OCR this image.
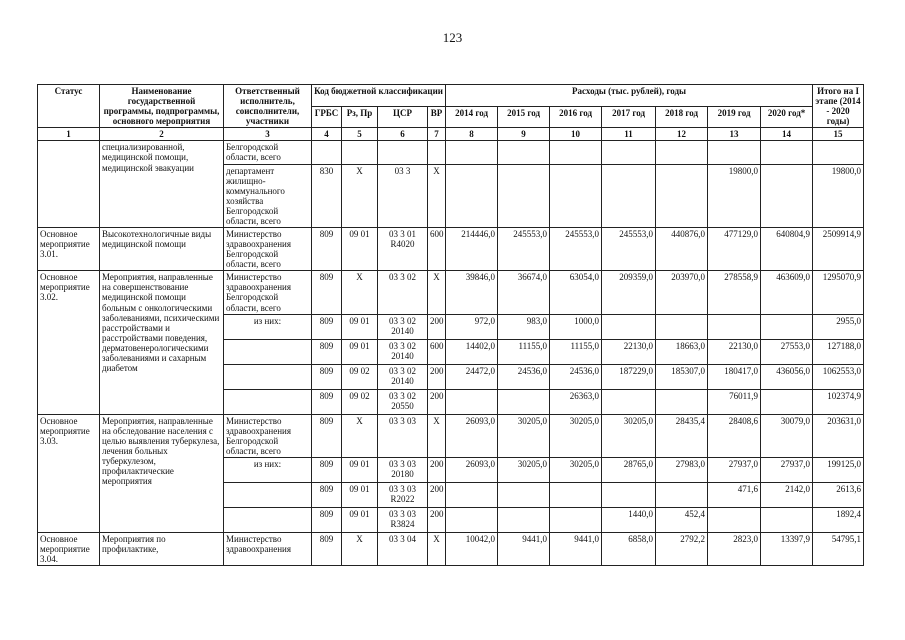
123
Статус	Наименование государственной программы, подпрограммы, основного мероприятия	Ответственный исполнитель, соисполнители, участники	Код бюджетной классификации				Расходы (тыс. рублей), годы							Итого на I этапе (2014 - 2020 годы)
			ГРБС	Рз, Пр	ЦСР	ВР	2014 год	2015 год	2016 год	2017 год	2018 год	2019 год	2020 год*	
1	2	3	4	5	6	7	8	9	10	11	12	13	14	15
	специализированной, медицинской помощи, медицинской эвакуации	Белгородской области, всего												
		департамент жилищно-коммунального хозяйства Белгородской области, всего	830	Х	03 3	Х						19800,0		19800,0
Основное мероприятие 3.01.	Высокотехнологичные виды медицинской помощи	Министерство здравоохранения Белгородской области, всего	809	09 01	03 3 01 R4020	600	214446,0	245553,0	245553,0	245553,0	440876,0	477129,0	640804,9	2509914,9
Основное мероприятие 3.02.	Мероприятия, направленные на совершенствование медицинской помощи больным с онкологическими заболеваниями, психическими расстройствами и расстройствами поведения, дерматовенерологическими заболеваниями и сахарным диабетом	Министерство здравоохранения Белгородской области, всего	809	Х	03 3 02	Х	39846,0	36674,0	63054,0	209359,0	203970,0	278558,9	463609,0	1295070,9
		из них:	809	09 01	03 3 02 20140	200	972,0	983,0	1000,0					2955,0
			809	09 01	03 3 02 20140	600	14402,0	11155,0	11155,0	22130,0	18663,0	22130,0	27553,0	127188,0
			809	09 02	03 3 02 20140	200	24472,0	24536,0	24536,0	187229,0	185307,0	180417,0	436056,0	1062553,0
			809	09 02	03 3 02 20550	200			26363,0			76011,9		102374,9
Основное мероприятие 3.03.	Мероприятия, направленные на обследование населения с целью выявления туберкулеза, лечения больных туберкулезом, профилактические мероприятия	Министерство здравоохранения Белгородской области, всего	809	Х	03 3 03	Х	26093,0	30205,0	30205,0	30205,0	28435,4	28408,6	30079,0	203631,0
		из них:	809	09 01	03 3 03 20180	200	26093,0	30205,0	30205,0	28765,0	27983,0	27937,0	27937,0	199125,0
			809	09 01	03 3 03 R2022	200						471,6	2142,0	2613,6
			809	09 01	03 3 03 R3824	200				1440,0	452,4			1892,4
Основное мероприятие 3.04.	Мероприятия по профилактике,	Министерство здравоохранения	809	Х	03 3 04	Х	10042,0	9441,0	9441,0	6858,0	2792,2	2823,0	13397,9	54795,1
